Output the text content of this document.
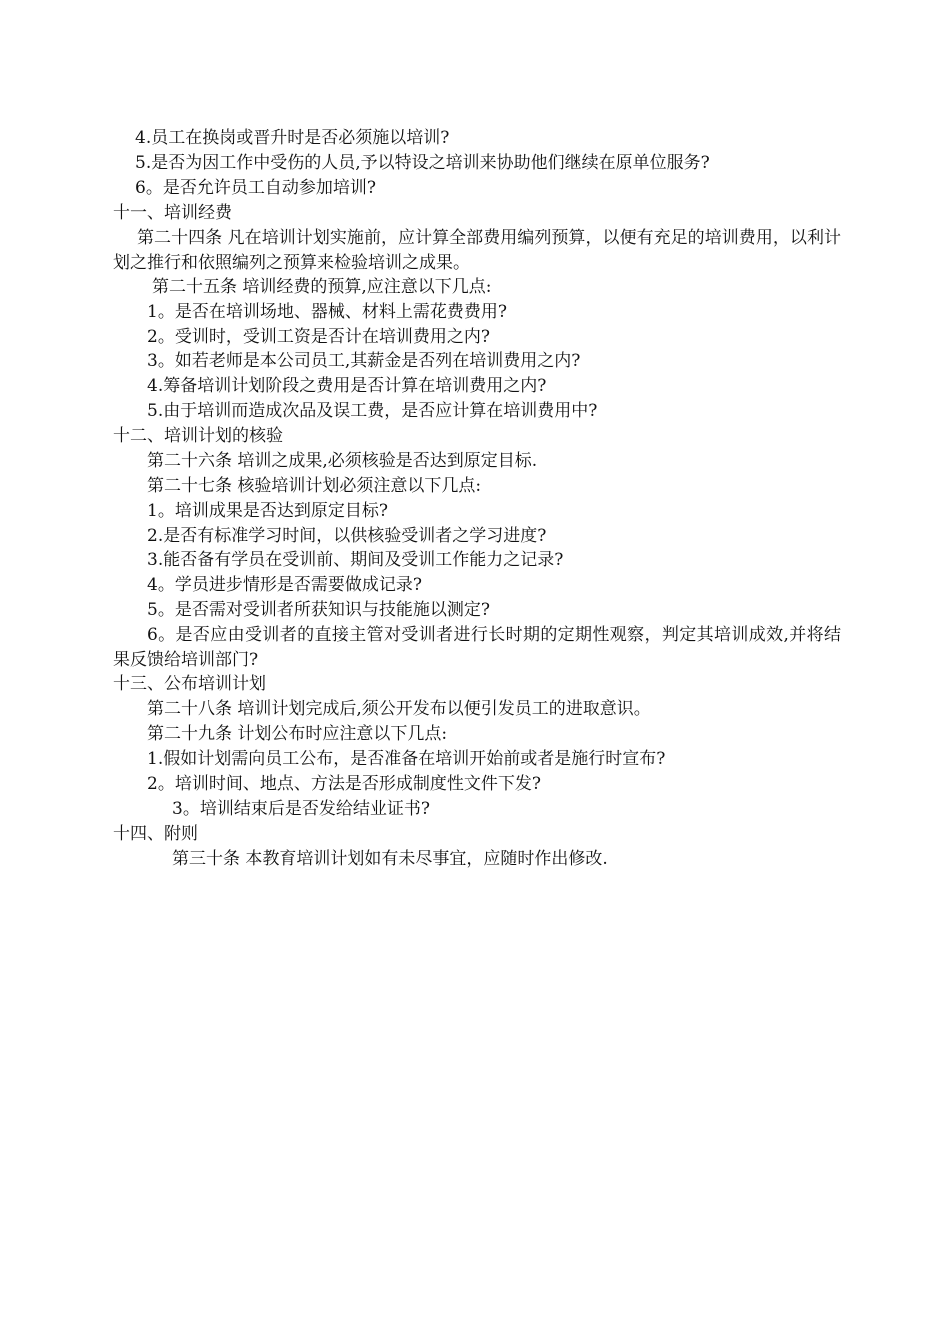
4.员工在换岗或晋升时是否必须施以培训?
5.是否为因工作中受伤的人员,予以特设之培训来协助他们继续在原单位服务?
6。是否允许员工自动参加培训?
十一、培训经费
第二十四条 凡在培训计划实施前，应计算全部费用编列预算，以便有充足的培训费用，以利计划之推行和依照编列之预算来检验培训之成果。
第二十五条 培训经费的预算,应注意以下几点:
1。是否在培训场地、器械、材料上需花费费用?
2。受训时，受训工资是否计在培训费用之内?
3。如若老师是本公司员工,其薪金是否列在培训费用之内?
4.筹备培训计划阶段之费用是否计算在培训费用之内?
5.由于培训而造成次品及误工费，是否应计算在培训费用中?
十二、培训计划的核验
第二十六条 培训之成果,必须核验是否达到原定目标.
第二十七条 核验培训计划必须注意以下几点:
1。培训成果是否达到原定目标?
2.是否有标准学习时间，以供核验受训者之学习进度?
3.能否备有学员在受训前、期间及受训工作能力之记录?
4。学员进步情形是否需要做成记录?
5。是否需对受训者所获知识与技能施以测定?
6。是否应由受训者的直接主管对受训者进行长时期的定期性观察，判定其培训成效,并将结果反馈给培训部门?
十三、公布培训计划
第二十八条 培训计划完成后,须公开发布以便引发员工的进取意识。
第二十九条 计划公布时应注意以下几点:
1.假如计划需向员工公布，是否准备在培训开始前或者是施行时宣布?
2。培训时间、地点、方法是否形成制度性文件下发?
3。培训结束后是否发给结业证书?
十四、附则
第三十条 本教育培训计划如有未尽事宜，应随时作出修改.
